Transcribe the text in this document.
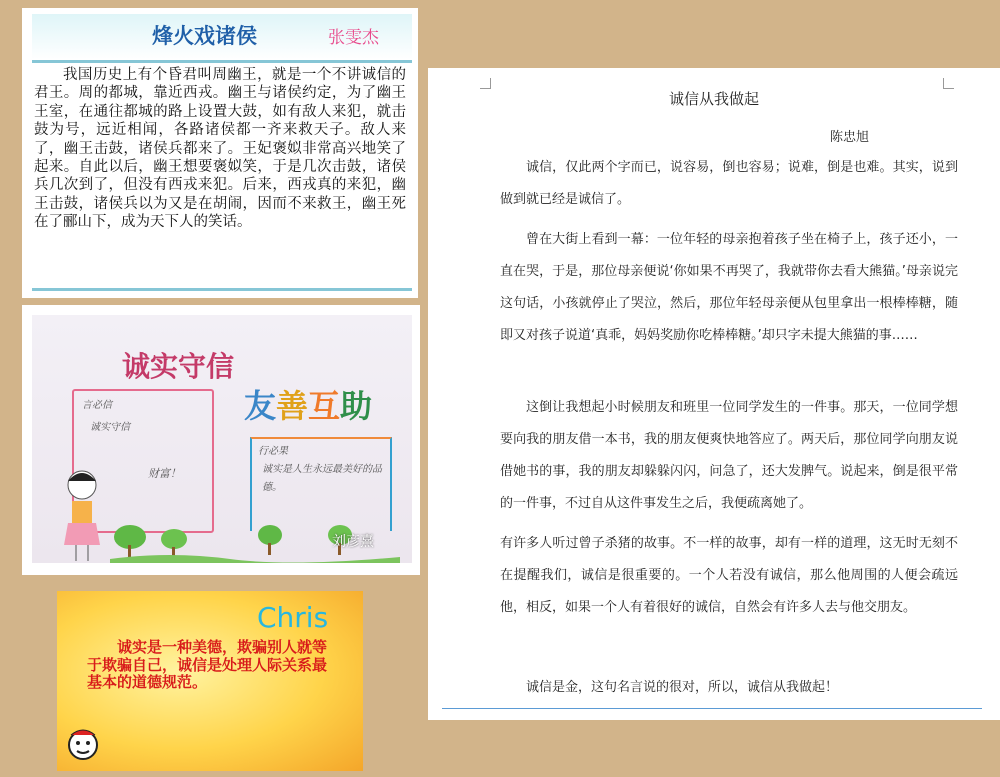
烽火戏诸侯	张雯杰
我国历史上有个昏君叫周幽王，就是一个不讲诚信的君王。周的都城，靠近西戎。幽王与诸侯约定，为了幽王王室，在通往都城的路上设置大鼓，如有敌人来犯，就击鼓为号，远近相闻，各路诸侯都一齐来救天子。敌人来了，幽王击鼓，诸侯兵都来了。王妃褒姒非常高兴地笑了起来。自此以后，幽王想要褒姒笑，于是几次击鼓，诸侯兵几次到了，但没有西戎来犯。后来，西戎真的来犯，幽王击鼓，诸侯兵以为又是在胡闹，因而不来救王，幽王死在了郦山下，成为天下人的笑话。
诚实守信
友善互助
言必信
诚实守信
财富！
行必果
诚实是人生永远最美好的品德。
刘彦熹
Chris
诚实是一种美德，欺骗别人就等于欺骗自己，诚信是处理人际关系最基本的道德规范。
诚信从我做起
陈忠旭
诚信，仅此两个字而已，说容易，倒也容易；说难，倒是也难。其实，说到做到就已经是诚信了。
曾在大街上看到一幕：一位年轻的母亲抱着孩子坐在椅子上，孩子还小，一直在哭，于是，那位母亲便说‘你如果不再哭了，我就带你去看大熊猫。’母亲说完这句话，小孩就停止了哭泣，然后，那位年轻母亲便从包里拿出一根棒棒糖，随即又对孩子说道‘真乖，妈妈奖励你吃棒棒糖。’却只字未提大熊猫的事……
这倒让我想起小时候朋友和班里一位同学发生的一件事。那天，一位同学想要向我的朋友借一本书，我的朋友便爽快地答应了。两天后，那位同学向朋友说借她书的事，我的朋友却躲躲闪闪，问急了，还大发脾气。说起来，倒是很平常的一件事，不过自从这件事发生之后，我便疏离她了。
有许多人听过曾子杀猪的故事。不一样的故事，却有一样的道理，这无时无刻不在提醒我们，诚信是很重要的。一个人若没有诚信，那么他周围的人便会疏远他，相反，如果一个人有着很好的诚信，自然会有许多人去与他交朋友。
诚信是金，这句名言说的很对，所以，诚信从我做起！
